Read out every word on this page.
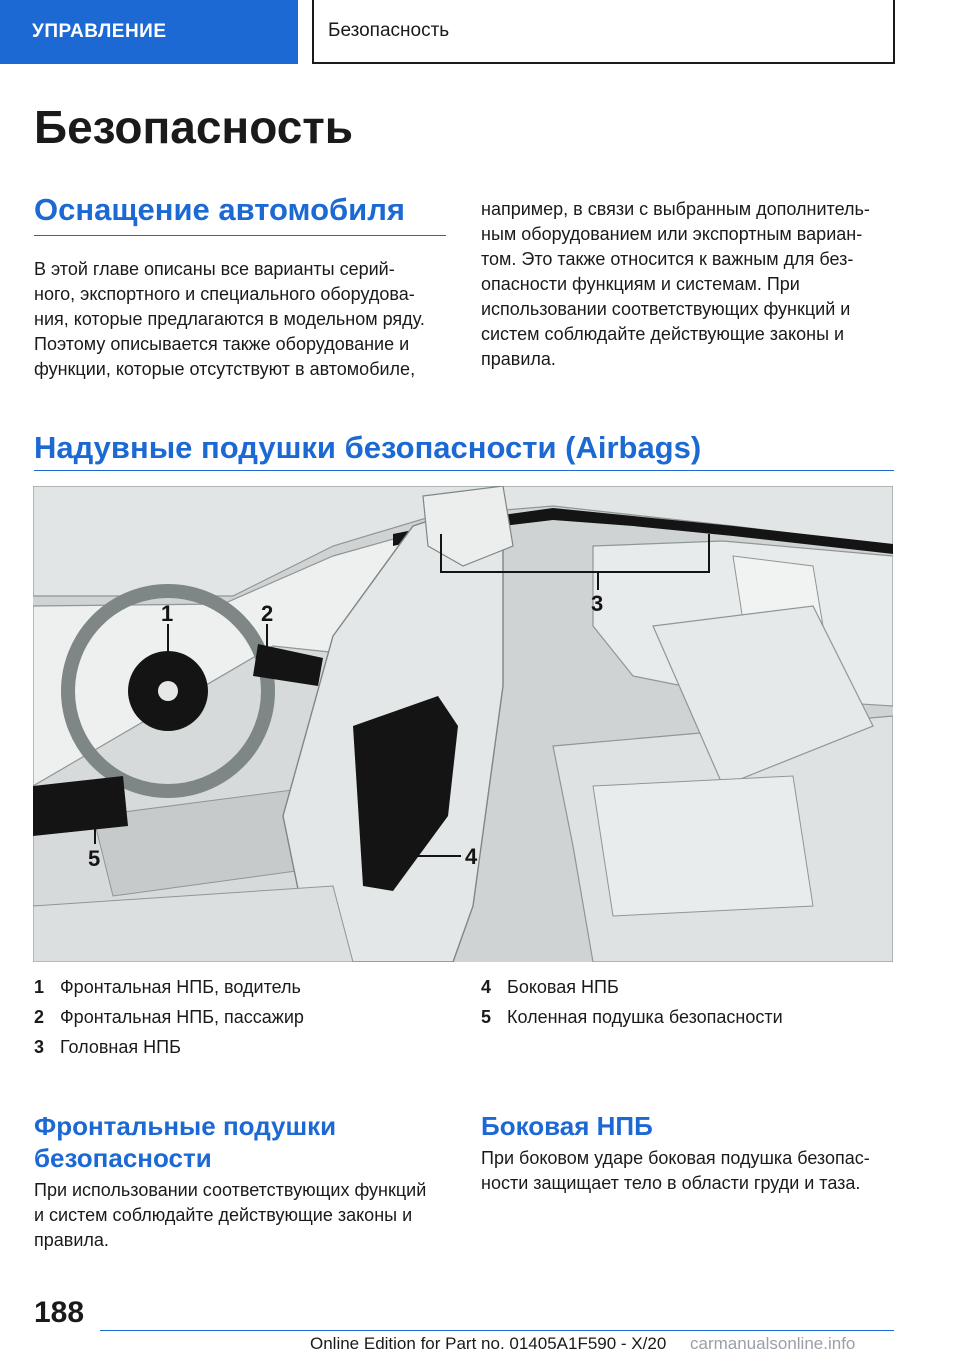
УПРАВЛЕНИЕ	Безопасность
Безопасность
Оснащение автомобиля
В этой главе описаны все варианты серий-
ного, экспортного и специального оборудова-
ния, которые предлагаются в модельном ряду.
Поэтому описывается также оборудование и
функции, которые отсутствуют в автомобиле,
например, в связи с выбранным дополнитель-
ным оборудованием или экспортным вариан-
том. Это также относится к важным для без-
опасности функциям и системам. При
использовании соответствующих функций и
систем соблюдайте действующие законы и
правила.
Надувные подушки безопасности (Airbags)
1	2	3
4
5
1 Фронтальная НПБ, водитель
2 Фронтальная НПБ, пассажир
3 Головная НПБ
4 Боковая НПБ
5 Коленная подушка безопасности
Фронтальные подушки
безопасности
При использовании соответствующих функций
и систем соблюдайте действующие законы и
правила.
Боковая НПБ
При боковом ударе боковая подушка безопас-
ности защищает тело в области груди и таза.
188
Online Edition for Part no. 01405A1F590 - X/20 carmanualsonline.info
